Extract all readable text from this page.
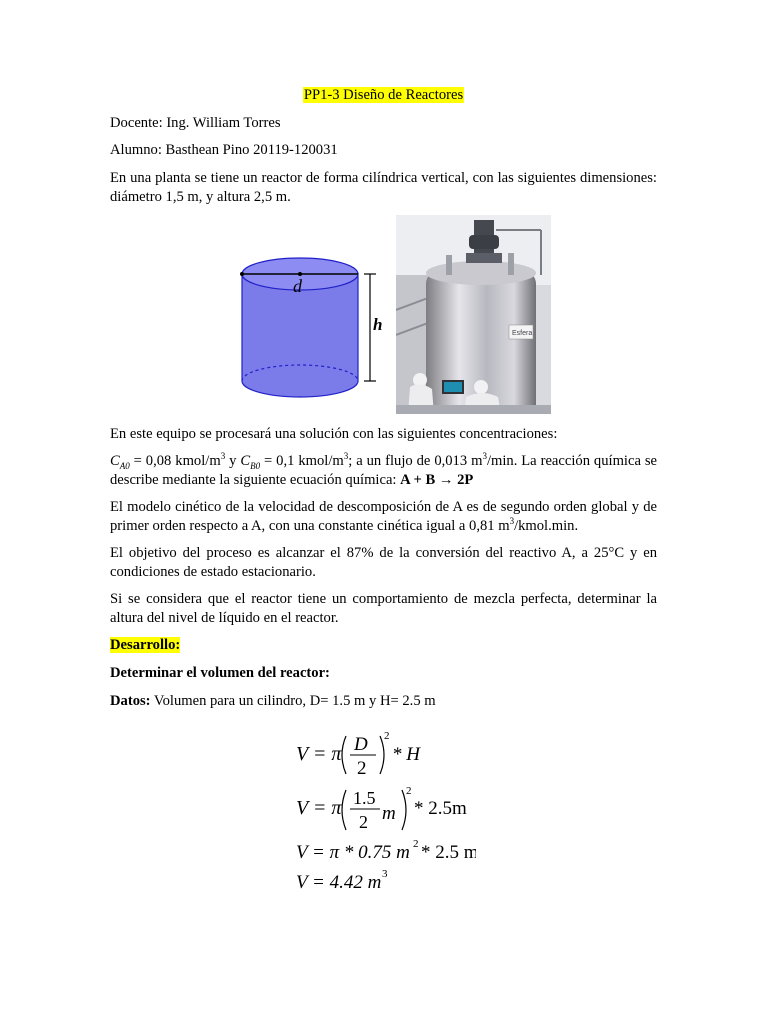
PP1-3 Diseño de Reactores

Docente: Ing. William Torres

Alumno: Basthean Pino 20119-120031

En una planta se tiene un reactor de forma cilíndrica vertical, con las siguientes dimensiones: diámetro 1,5 m, y altura 2,5 m.

En este equipo se procesará una solución con las siguientes concentraciones:

$C_{A0} = 0,08$ kmol/$m^3$ y $C_{B0} = 0,1$ kmol/$m^3$; a un flujo de 0,013 $m^3/\min$. La reacción química se describe mediante la siguiente ecuación química: A + B → 2P

El modelo cinético de la velocidad de descomposición de A es de segundo orden global y de primer orden respecto a A, con una constante cinética igual a 0,81 $m^3/kmol.\min$.

El objetivo del proceso es alcanzar el 87% de la conversión del reactivo A, a 25°C y en condiciones de estado estacionario.

Si se considera que el reactor tiene un comportamiento de mezcla perfecta, determinar la altura del nivel de líquido en el reactor.

Desarrollo:

Determinar el volumen del reactor:

Datos: Volumen para un cilindro, D= 1.5 m y H= 2.5 m

d
h	Esfera
V = π D
2
2
* H
V = π 1.5
2 m
2
* 2.5m
V = π * 0.75 m 2 * 2.5 m
V = 4.42 m 3
